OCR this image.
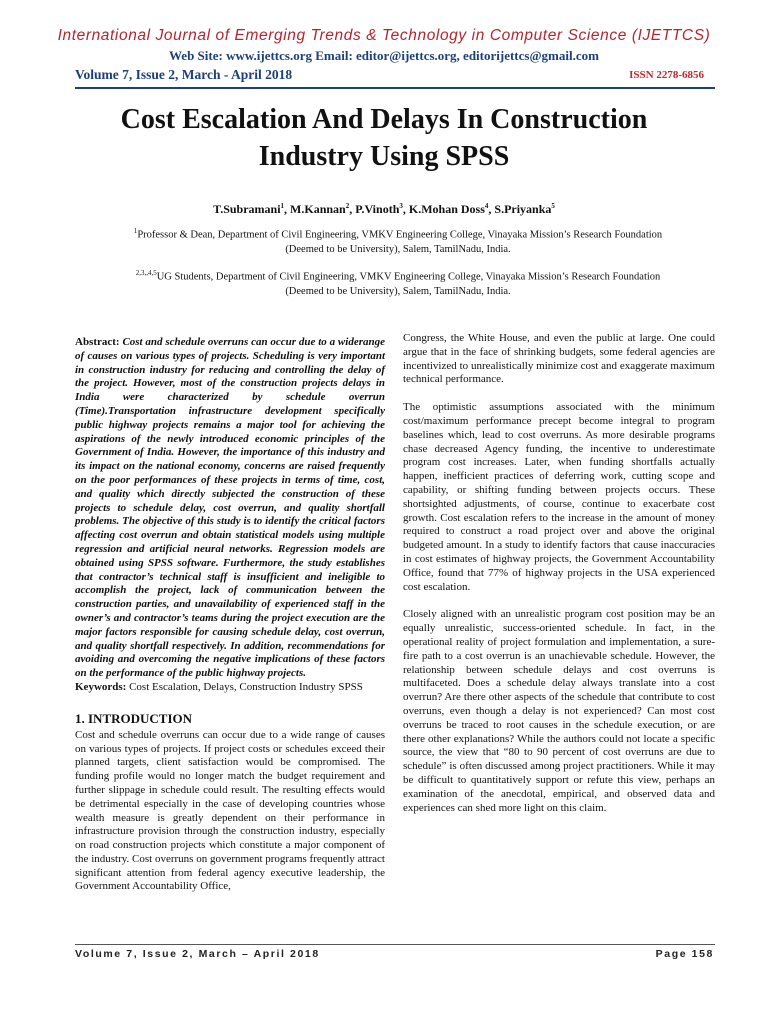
International Journal of Emerging Trends & Technology in Computer Science (IJETTCS)
Web Site: www.ijettcs.org Email: editor@ijettcs.org, editorijettcs@gmail.com
Volume 7, Issue 2, March - April 2018	ISSN 2278-6856
Cost Escalation And Delays In Construction
Industry Using SPSS
T.Subramani$^1$, M.Kannan$^2$, P.Vinoth$^3$, K.Mohan Doss$^4$, S.Priyanka$^5$
$^1$Professor & Dean, Department of Civil Engineering, VMKV Engineering College, Vinayaka Mission’s Research Foundation
(Deemed to be University), Salem, TamilNadu, India.
$^{2,3,,4,5}$UG Students, Department of Civil Engineering, VMKV Engineering College, Vinayaka Mission’s Research Foundation
(Deemed to be University), Salem, TamilNadu, India.

Abstract: Cost and schedule overruns can occur due to a widerange of causes on various types of projects. Scheduling is very important in construction industry for reducing and controlling the delay of the project. However, most of the construction projects delays in India were characterized by schedule overrun (Time).Transportation infrastructure development specifically public highway projects remains a major tool for achieving the aspirations of the newly introduced economic principles of the Government of India. However, the importance of this industry and its impact on the national economy, concerns are raised frequently on the poor performances of these projects in terms of time, cost, and quality which directly subjected the construction of these projects to schedule delay, cost overrun, and quality shortfall problems. The objective of this study is to identify the critical factors affecting cost overrun and obtain statistical models using multiple regression and artificial neural networks. Regression models are obtained using SPSS software. Furthermore, the study establishes that contractor’s technical staff is insufficient and ineligible to accomplish the project, lack of communication between the construction parties, and unavailability of experienced staff in the owner’s and contractor’s teams during the project execution are the major factors responsible for causing schedule delay, cost overrun, and quality shortfall respectively. In addition, recommendations for avoiding and overcoming the negative implications of these factors on the performance of the public highway projects.

Keywords: Cost Escalation, Delays, Construction Industry SPSS

1. INTRODUCTION

Cost and schedule overruns can occur due to a wide range of causes on various types of projects. If project costs or schedules exceed their planned targets, client satisfaction would be compromised. The funding profile would no longer match the budget requirement and further slippage in schedule could result. The resulting effects would be detrimental especially in the case of developing countries whose wealth measure is greatly dependent on their performance in infrastructure provision through the construction industry, especially on road construction projects which constitute a major component of the industry. Cost overruns on government programs frequently attract significant attention from federal agency executive leadership, the Government Accountability Office,

Congress, the White House, and even the public at large. One could argue that in the face of shrinking budgets, some federal agencies are incentivized to unrealistically minimize cost and exaggerate maximum technical performance.

The optimistic assumptions associated with the minimum cost/maximum performance precept become integral to program baselines which, lead to cost overruns. As more desirable programs chase decreased Agency funding, the incentive to underestimate program cost increases. Later, when funding shortfalls actually happen, inefficient practices of deferring work, cutting scope and capability, or shifting funding between projects occurs. These shortsighted adjustments, of course, continue to exacerbate cost growth. Cost escalation refers to the increase in the amount of money required to construct a road project over and above the original budgeted amount. In a study to identify factors that cause inaccuracies in cost estimates of highway projects, the Government Accountability Office, found that 77% of highway projects in the USA experienced cost escalation.

Closely aligned with an unrealistic program cost position may be an equally unrealistic, success-oriented schedule. In fact, in the operational reality of project formulation and implementation, a sure-fire path to a cost overrun is an unachievable schedule. However, the relationship between schedule delays and cost overruns is multifaceted. Does a schedule delay always translate into a cost overrun? Are there other aspects of the schedule that contribute to cost overruns, even though a delay is not experienced? Can most cost overruns be traced to root causes in the schedule execution, or are there other explanations? While the authors could not locate a specific source, the view that “80 to 90 percent of cost overruns are due to schedule” is often discussed among project practitioners. While it may be difficult to quantitatively support or refute this view, perhaps an examination of the anecdotal, empirical, and observed data and experiences can shed more light on this claim.

Volume 7, Issue 2, March – April 2018	Page 158
